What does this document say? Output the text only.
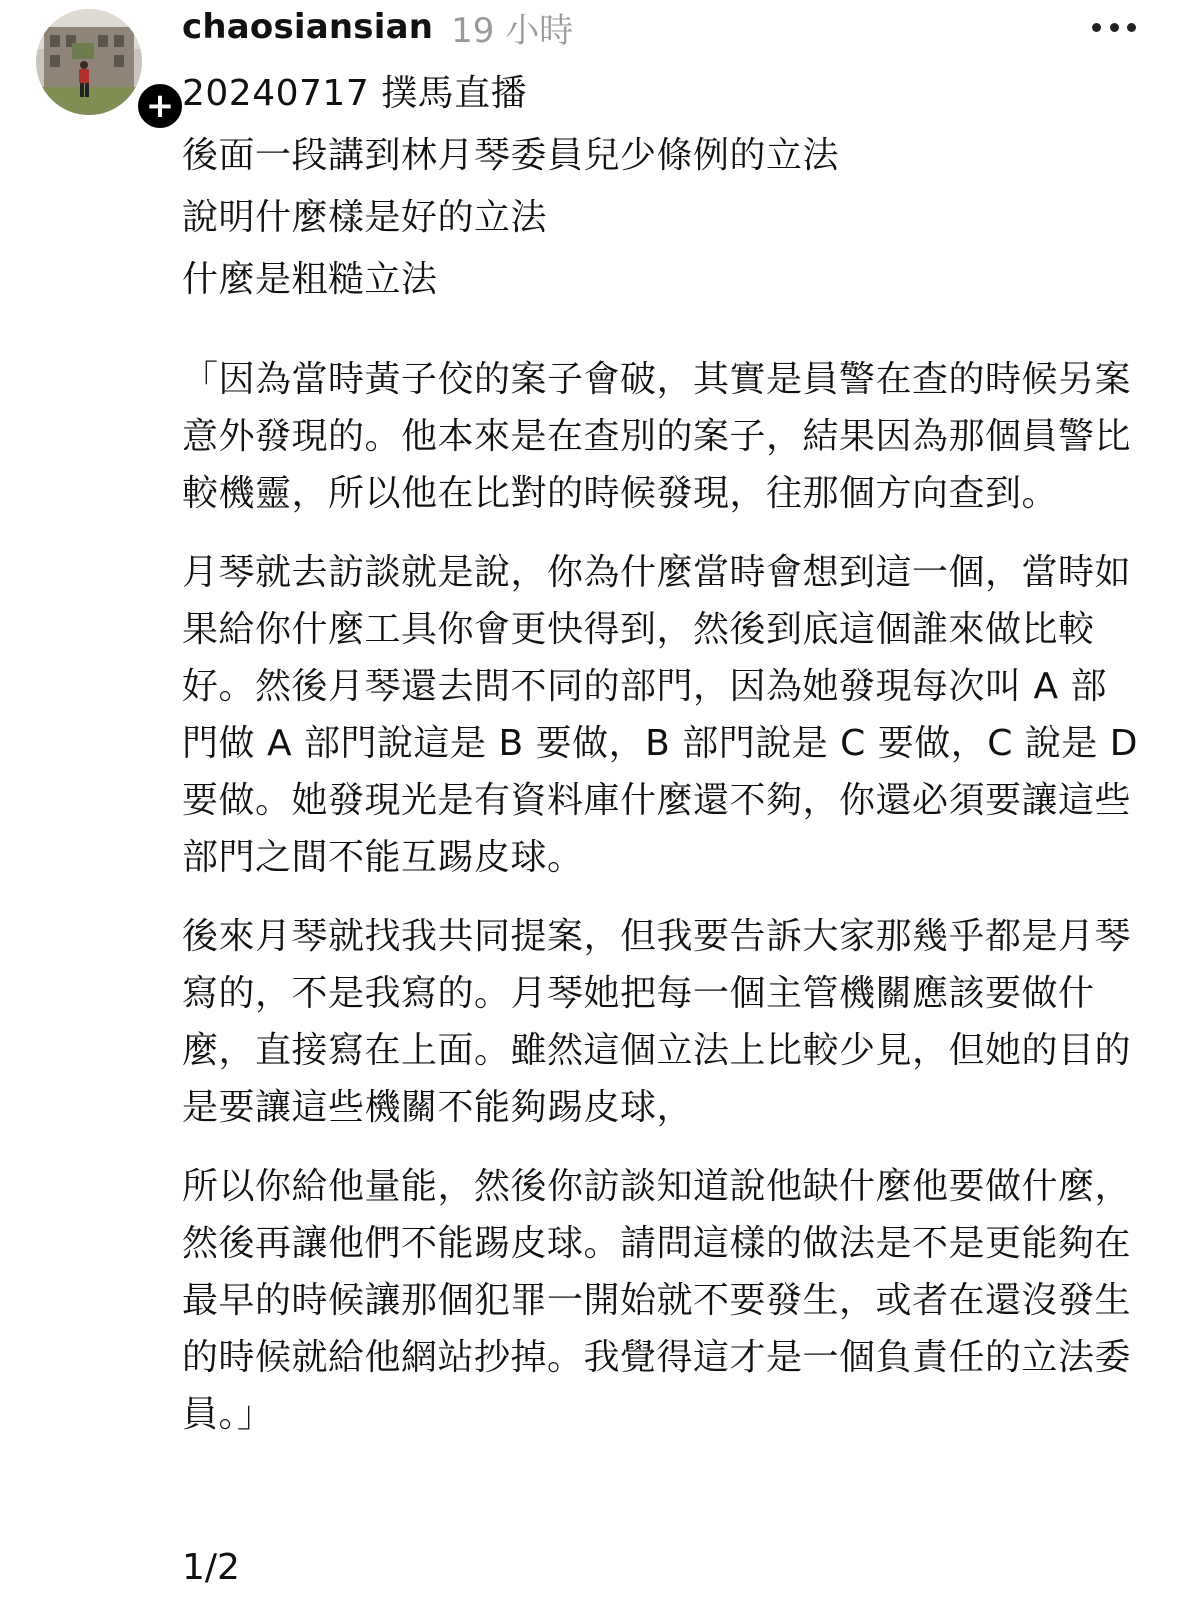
+
chaosiansian 19 小時

20240717 撲馬直播

後面一段講到林月琴委員兒少條例的立法

說明什麼樣是好的立法

什麼是粗糙立法

「因為當時黃子佼的案子會破，其實是員警在查的時候另案意外發現的。他本來是在查別的案子，結果因為那個員警比較機靈，所以他在比對的時候發現，往那個方向查到。

月琴就去訪談就是說，你為什麼當時會想到這一個，當時如果給你什麼工具你會更快得到，然後到底這個誰來做比較好。然後月琴還去問不同的部門，因為她發現每次叫 A 部門做 A 部門說這是 B 要做，B 部門說是 C 要做，C 說是 D 要做。她發現光是有資料庫什麼還不夠，你還必須要讓這些部門之間不能互踢皮球。

後來月琴就找我共同提案，但我要告訴大家那幾乎都是月琴寫的，不是我寫的。月琴她把每一個主管機關應該要做什麼，直接寫在上面。雖然這個立法上比較少見，但她的目的是要讓這些機關不能夠踢皮球，

所以你給他量能，然後你訪談知道說他缺什麼他要做什麼，然後再讓他們不能踢皮球。請問這樣的做法是不是更能夠在最早的時候讓那個犯罪一開始就不要發生，或者在還沒發生的時候就給他網站抄掉。我覺得這才是一個負責任的立法委員。」

1/2
